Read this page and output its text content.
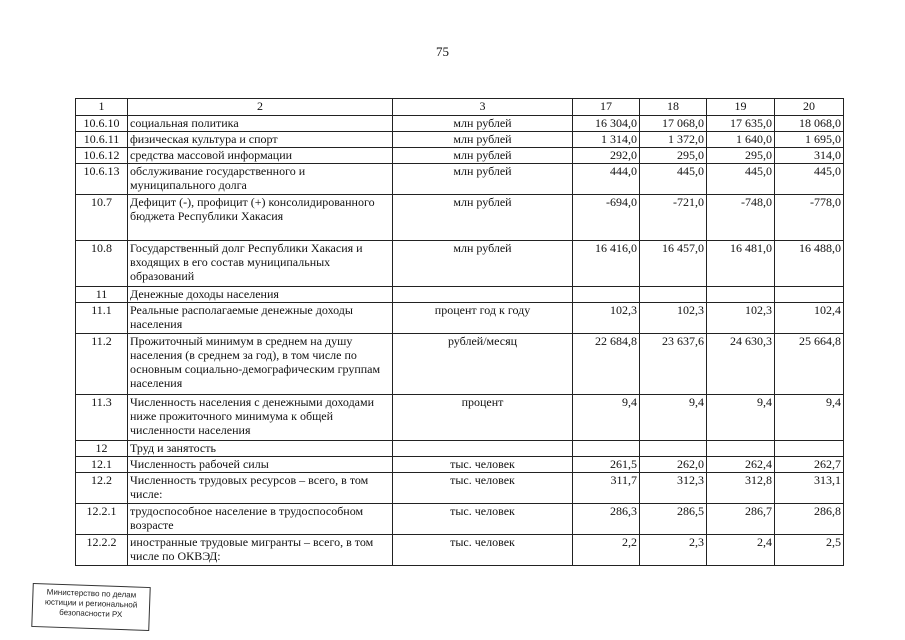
75
1	2	3	17	18	19	20
10.6.10	социальная политика	млн рублей	16 304,0	17 068,0	17 635,0	18 068,0
10.6.11	физическая культура и спорт	млн рублей	1 314,0	1 372,0	1 640,0	1 695,0
10.6.12	средства массовой информации	млн рублей	292,0	295,0	295,0	314,0
10.6.13	обслуживание государственного и муниципального долга	млн рублей	444,0	445,0	445,0	445,0
10.7	Дефицит (-), профицит (+) консолидированного бюджета Республики Хакасия	млн рублей	-694,0	-721,0	-748,0	-778,0
10.8	Государственный долг Республики Хакасия и входящих в его состав муниципальных образований	млн рублей	16 416,0	16 457,0	16 481,0	16 488,0
11	Денежные доходы населения					
11.1	Реальные располагаемые денежные доходы населения	процент год к году	102,3	102,3	102,3	102,4
11.2	Прожиточный минимум в среднем на душу населения (в среднем за год), в том числе по основным социально-демографическим группам населения	рублей/месяц	22 684,8	23 637,6	24 630,3	25 664,8
11.3	Численность населения с денежными доходами ниже прожиточного минимума к общей численности населения	процент	9,4	9,4	9,4	9,4
12	Труд и занятость					
12.1	Численность рабочей силы	тыс. человек	261,5	262,0	262,4	262,7
12.2	Численность трудовых ресурсов – всего, в том числе:	тыс. человек	311,7	312,3	312,8	313,1
12.2.1	трудоспособное население в трудоспособном возрасте	тыс. человек	286,3	286,5	286,7	286,8
12.2.2	иностранные трудовые мигранты – всего, в том числе по ОКВЭД:	тыс. человек	2,2	2,3	2,4	2,5
Министерство по делам
юстиции и региональной
безопасности РХ
